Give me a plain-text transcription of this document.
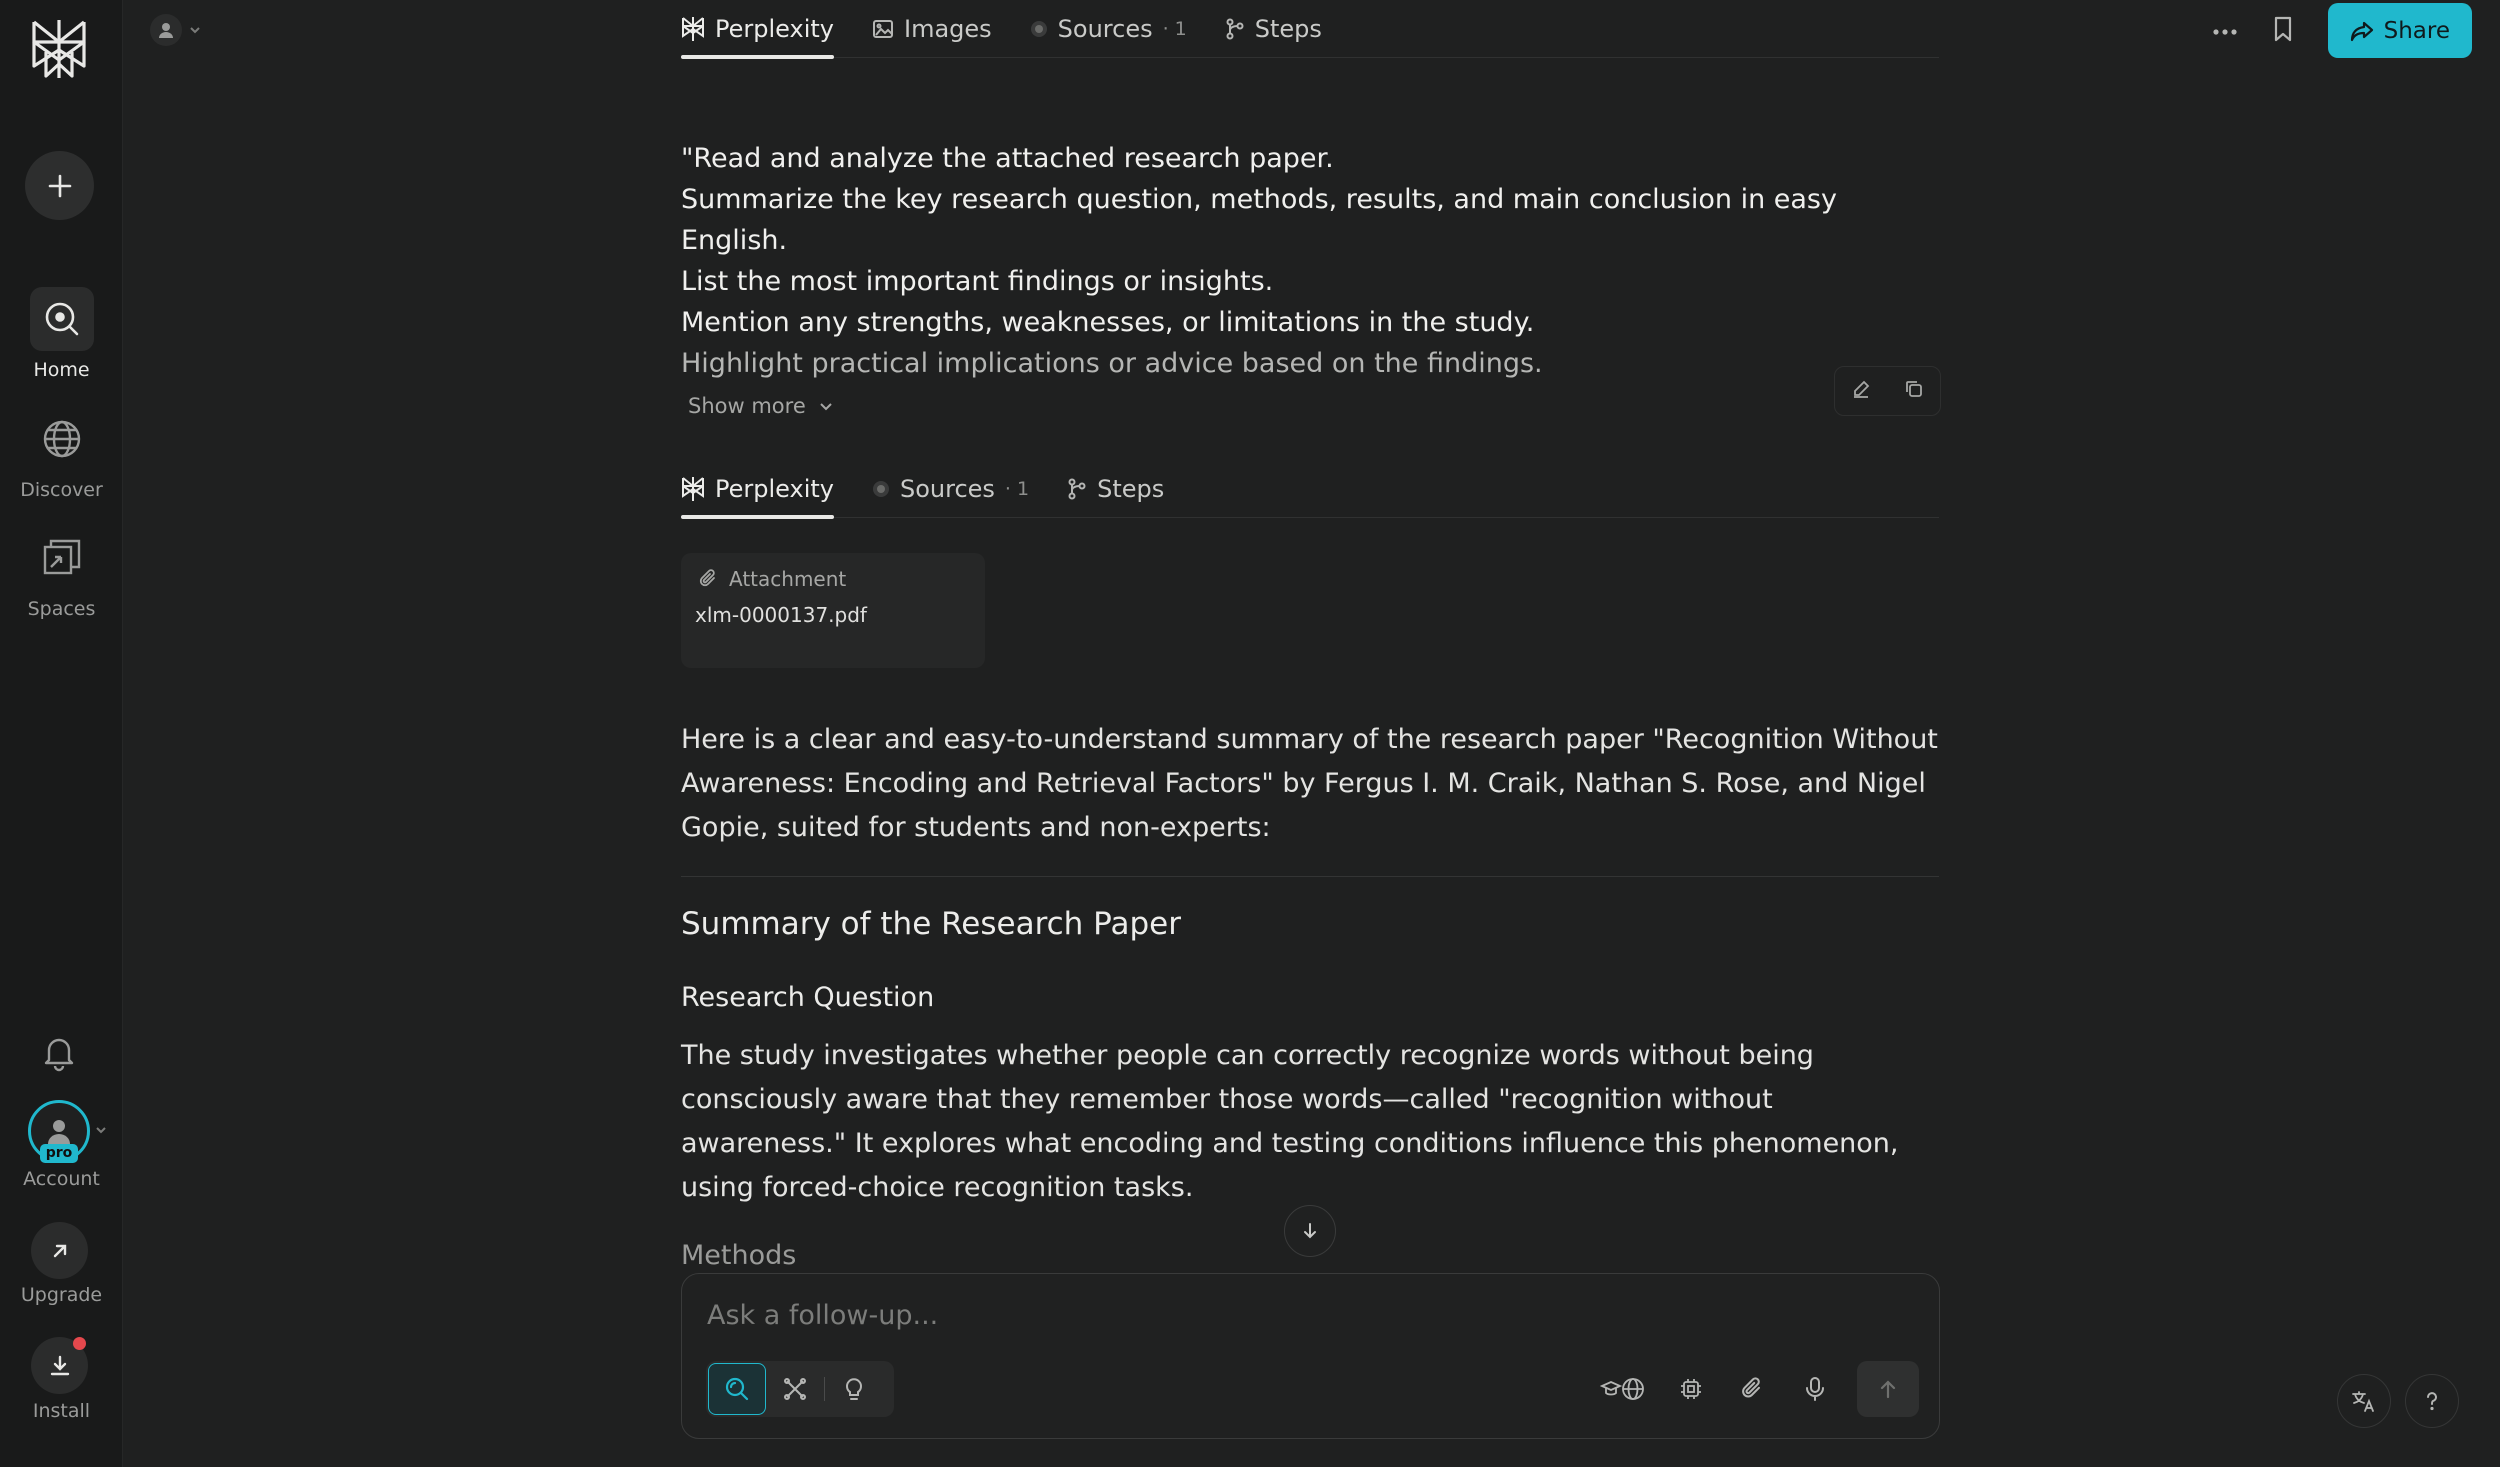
Home
Discover
Spaces
pro
Account
Upgrade
Install
Share
Perplexity	Images	Sources · 1	Steps
"Read and analyze the attached research paper.
Summarize the key research question, methods, results, and main conclusion in easy English.
List the most important findings or insights.
Mention any strengths, weaknesses, or limitations in the study.
Highlight practical implications or advice based on the findings.
Show more
Perplexity	Sources · 1	Steps
Attachment
xlm-0000137.pdf
Here is a clear and easy-to-understand summary of the research paper "Recognition Without Awareness: Encoding and Retrieval Factors" by Fergus I. M. Craik, Nathan S. Rose, and Nigel Gopie, suited for students and non-experts:
Summary of the Research Paper
Research Question
The study investigates whether people can correctly recognize words without being consciously aware that they remember those words—called "recognition without awareness." It explores what encoding and testing conditions influence this phenomenon, using forced-choice recognition tasks.
Methods
Ask a follow-up...
